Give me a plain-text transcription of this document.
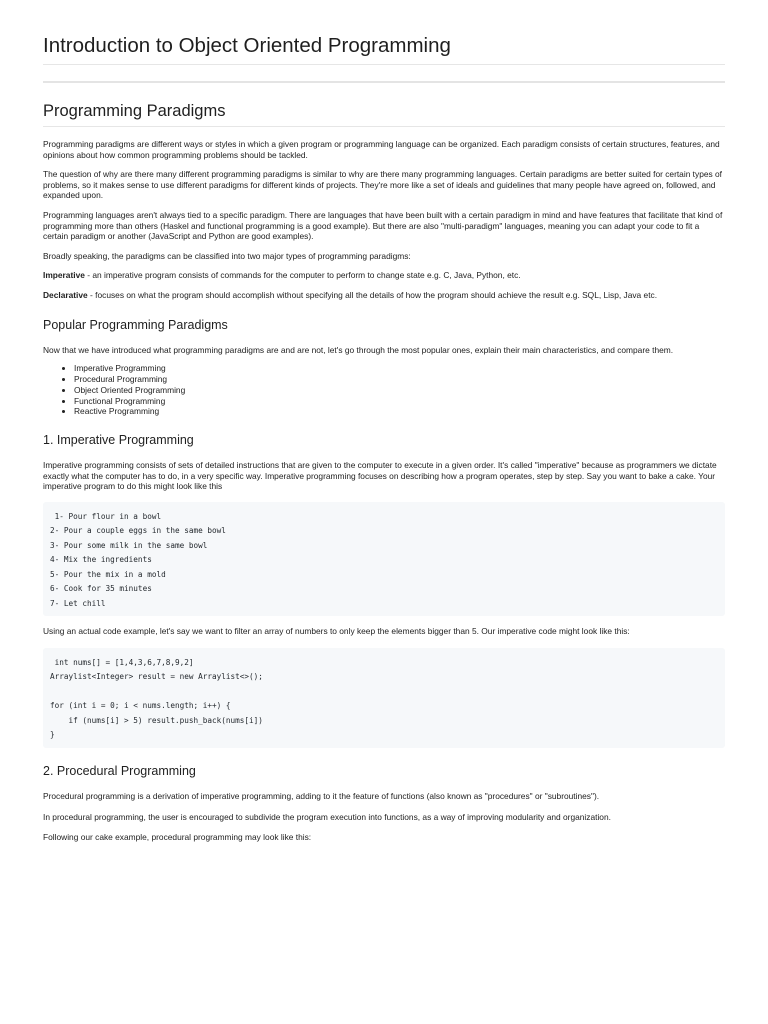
Introduction to Object Oriented Programming
Programming Paradigms

Programming paradigms are different ways or styles in which a given program or programming language can be organized. Each paradigm consists of certain structures, features, and opinions about how common programming problems should be tackled.

The question of why are there many different programming paradigms is similar to why are there many programming languages. Certain paradigms are better suited for certain types of problems, so it makes sense to use different paradigms for different kinds of projects. They're more like a set of ideals and guidelines that many people have agreed on, followed, and expanded upon.

Programming languages aren't always tied to a specific paradigm. There are languages that have been built with a certain paradigm in mind and have features that facilitate that kind of programming more than others (Haskel and functional programming is a good example). But there are also "multi-paradigm" languages, meaning you can adapt your code to fit a certain paradigm or another (JavaScript and Python are good examples).

Broadly speaking, the paradigms can be classified into two major types of programming paradigms:

Imperative - an imperative program consists of commands for the computer to perform to change state e.g. C, Java, Python, etc.

Declarative - focuses on what the program should accomplish without specifying all the details of how the program should achieve the result e.g. SQL, Lisp, Java etc.

Popular Programming Paradigms

Now that we have introduced what programming paradigms are and are not, let's go through the most popular ones, explain their main characteristics, and compare them.

• Imperative Programming
• Procedural Programming
• Object Oriented Programming
• Functional Programming
• Reactive Programming
1. Imperative Programming

Imperative programming consists of sets of detailed instructions that are given to the computer to execute in a given order. It's called "imperative" because as programmers we dictate exactly what the computer has to do, in a very specific way. Imperative programming focuses on describing how a program operates, step by step. Say you want to bake a cake. Your imperative program to do this might look like this

1- Pour flour in a bowl
2- Pour a couple eggs in the same bowl
3- Pour some milk in the same bowl
4- Mix the ingredients
5- Pour the mix in a mold
6- Cook for 35 minutes
7- Let chill

Using an actual code example, let's say we want to filter an array of numbers to only keep the elements bigger than 5. Our imperative code might look like this:

int nums[] = [1,4,3,6,7,8,9,2]
Arraylist<Integer> result = new Arraylist<>();

for (int i = 0; i < nums.length; i++) {
if (nums[i] > 5) result.push_back(nums[i])
}
2. Procedural Programming

Procedural programming is a derivation of imperative programming, adding to it the feature of functions (also known as "procedures" or "subroutines").

In procedural programming, the user is encouraged to subdivide the program execution into functions, as a way of improving modularity and organization.

Following our cake example, procedural programming may look like this:
